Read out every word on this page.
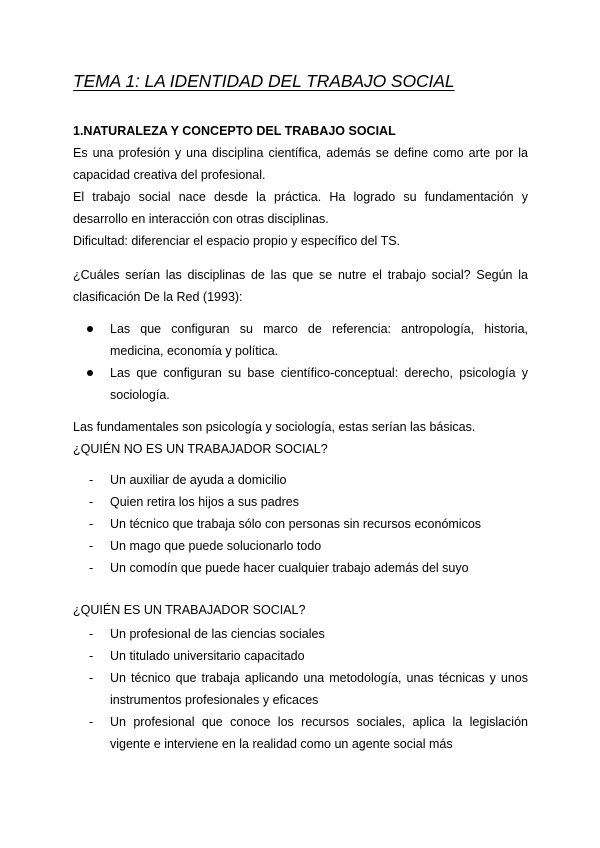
TEMA 1: LA IDENTIDAD DEL TRABAJO SOCIAL
1.NATURALEZA Y CONCEPTO DEL TRABAJO SOCIAL

Es una profesión y una disciplina científica, además se define como arte por la capacidad creativa del profesional.

El trabajo social nace desde la práctica. Ha logrado su fundamentación y desarrollo en interacción con otras disciplinas.

Dificultad: diferenciar el espacio propio y específico del TS.

¿Cuáles serían las disciplinas de las que se nutre el trabajo social? Según la clasificación De la Red (1993):

Las que configuran su marco de referencia: antropología, historia, medicina, economía y política.
Las que configuran su base científico-conceptual: derecho, psicología y sociología.

Las fundamentales son psicología y sociología, estas serían las básicas.

¿QUIÉN NO ES UN TRABAJADOR SOCIAL?

- Un auxiliar de ayuda a domicilio
- Quien retira los hijos a sus padres
- Un técnico que trabaja sólo con personas sin recursos económicos
- Un mago que puede solucionarlo todo
- Un comodín que puede hacer cualquier trabajo además del suyo

¿QUIÉN ES UN TRABAJADOR SOCIAL?

- Un profesional de las ciencias sociales
- Un titulado universitario capacitado
- Un técnico que trabaja aplicando una metodología, unas técnicas y unos instrumentos profesionales y eficaces
- Un profesional que conoce los recursos sociales, aplica la legislación vigente e interviene en la realidad como un agente social más
